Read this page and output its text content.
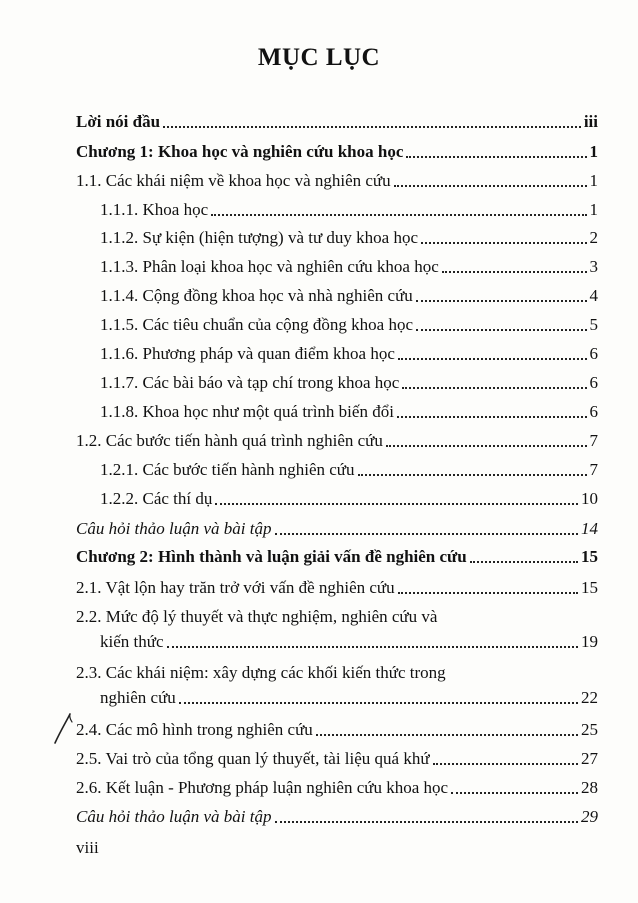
MỤC LỤC
Lời nói đầu	iii
Chương 1: Khoa học và nghiên cứu khoa học	1
1.1. Các khái niệm về khoa học và nghiên cứu	1
1.1.1. Khoa học	1
1.1.2. Sự kiện (hiện tượng) và tư duy khoa học	2
1.1.3. Phân loại khoa học và nghiên cứu khoa học	3
1.1.4. Cộng đồng khoa học và nhà nghiên cứu	4
1.1.5. Các tiêu chuẩn của cộng đồng khoa học	5
1.1.6. Phương pháp và quan điểm khoa học	6
1.1.7. Các bài báo và tạp chí trong khoa học	6
1.1.8. Khoa học như một quá trình biến đổi	6
1.2. Các bước tiến hành quá trình nghiên cứu	7
1.2.1. Các bước tiến hành nghiên cứu	7
1.2.2. Các thí dụ	10
Câu hỏi thảo luận và bài tập	14
Chương 2: Hình thành và luận giải vấn đề nghiên cứu	15
2.1. Vật lộn hay trăn trở với vấn đề nghiên cứu	15
2.2. Mức độ lý thuyết và thực nghiệm, nghiên cứu và
kiến thức	19
2.3. Các khái niệm: xây dựng các khối kiến thức trong
nghiên cứu	22
2.4. Các mô hình trong nghiên cứu	25
2.5. Vai trò của tổng quan lý thuyết, tài liệu quá khứ	27
2.6. Kết luận - Phương pháp luận nghiên cứu khoa học	28
Câu hỏi thảo luận và bài tập	29
viii
